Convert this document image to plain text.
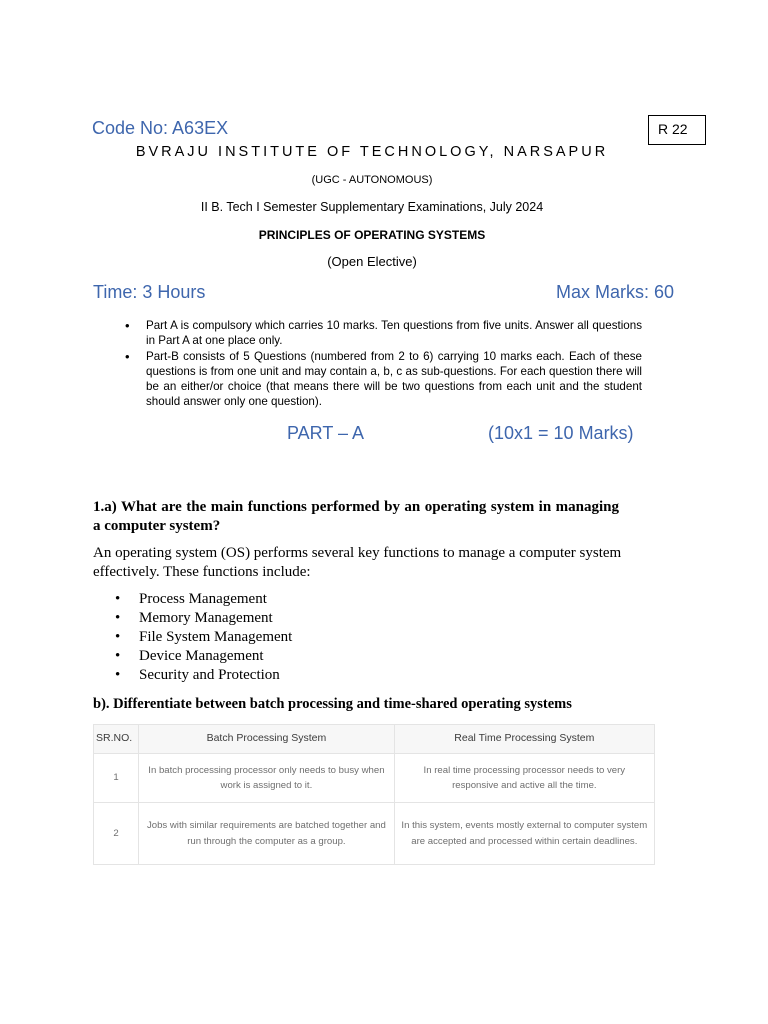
Code No: A63EX	R 22
BVRAJU INSTITUTE OF TECHNOLOGY, NARSAPUR
(UGC - AUTONOMOUS)
II B. Tech I Semester Supplementary Examinations, July 2024
PRINCIPLES OF OPERATING SYSTEMS
(Open Elective)
Time: 3 Hours	Max Marks: 60
• Part A is compulsory which carries 10 marks. Ten questions from five units. Answer all questions in Part A at one place only.
• Part-B consists of 5 Questions (numbered from 2 to 6) carrying 10 marks each. Each of these questions is from one unit and may contain a, b, c as sub-questions. For each question there will be an either/or choice (that means there will be two questions from each unit and the student should answer only one question).
PART – A	(10x1 = 10 Marks)
1.a) What are the main functions performed by an operating system in managing a computer system?
An operating system (OS) performs several key functions to manage a computer system effectively. These functions include:
• Process Management
• Memory Management
• File System Management
• Device Management
• Security and Protection
b). Differentiate between batch processing and time-shared operating systems
SR.NO.	Batch Processing System	Real Time Processing System
1	In batch processing processor only needs to busy when work is assigned to it.	In real time processing processor needs to very responsive and active all the time.
2	Jobs with similar requirements are batched together and run through the computer as a group.	In this system, events mostly external to computer system are accepted and processed within certain deadlines.
